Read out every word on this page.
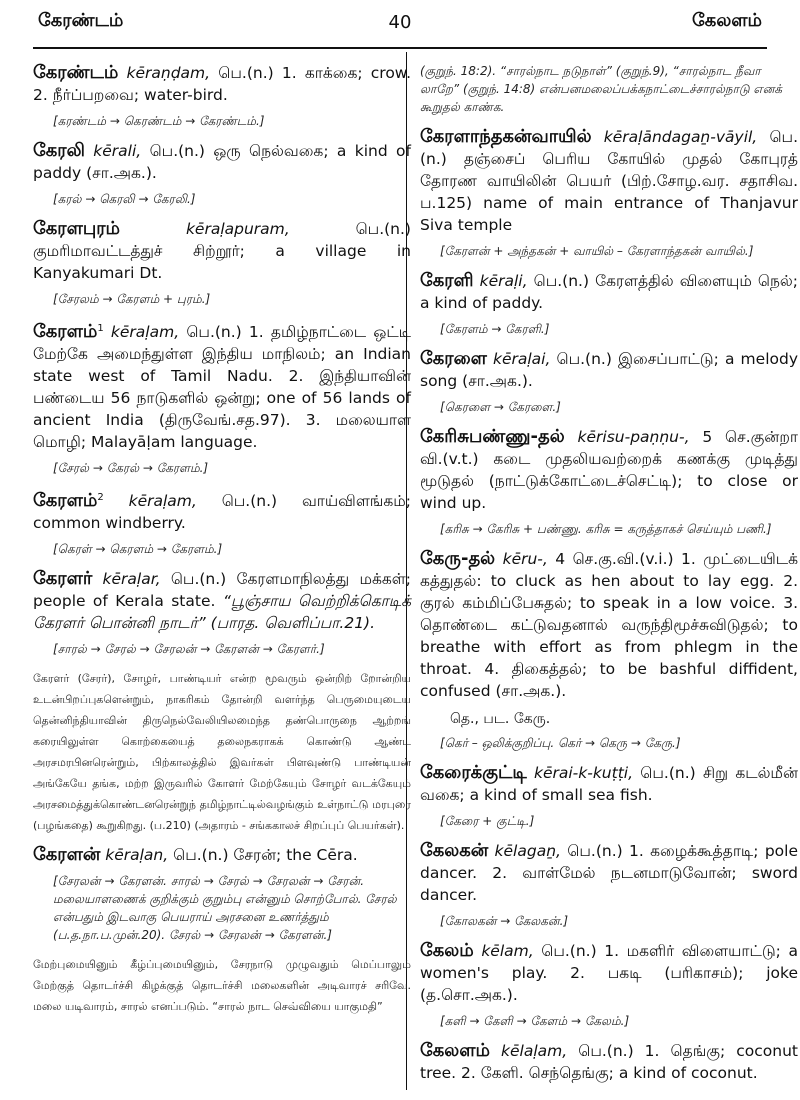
கேரண்டம்	40	கேலளம்
கேரண்டம் kēraṇḍam, பெ.(n.) 1. காக்கை; crow. 2. நீர்ப்பறவை; water-bird.
[கரண்டம் → கெரண்டம் → கேரண்டம்.]
கேரலி kērali, பெ.(n.) ஒரு நெல்வகை; a kind of paddy (சா.அக.).
[கரல் → கெரலி → கேரலி.]
கேரளபுரம்	kēraḷapuram,	பெ.(n.) குமரிமாவட்டத்துச் சிற்றூர்; a village in Kanyakumari Dt.
[சேரலம் → கேரளம் + புரம்.]
கேரளம்$^1$ kēraḷam, பெ.(n.) 1. தமிழ்நாட்டை ஒட்டி மேற்கே அமைந்துள்ள இந்திய மாநிலம்; an Indian state west of Tamil Nadu. 2. இந்தியாவின் பண்டைய 56 நாடுகளில் ஒன்று; one of 56 lands of ancient India (திருவேங்.சத.97). 3. மலையாள மொழி; Malayāḷam language.
[சேரல் → கேரல் → கேரளம்.]
கேரளம்$^2$ kēraḷam, பெ.(n.) வாய்விளங்கம்; common windberry.
[கெரள் → கெரளம் → கேரளம்.]
கேரளர் kēraḷar, பெ.(n.) கேரளமாநிலத்து மக்கள்; people of Kerala state. “பூஞ்சாய வெற்றிக்கொடிக் கேரளர் பொன்னி நாடர்” (பாரத. வெளிப்பா.21).
[சாரல் → சேரல் → சேரலன் → கேரளன் → கேரளர்.]
கேரளர் (சேரர்), சோழர், பாண்டியர் என்ற மூவரும் ஒன்றிற் றோன்றிய உடன்பிறப்புகளென்றும், நாகரிகம் தோன்றி வளர்ந்த பெருமையுடைய தென்னிந்தியாவின் திருநெல்வேலியிலமைந்த தண்பொருநை ஆற்றங் கரையிலுள்ள கொற்கையைத் தலைநகராகக் கொண்டு ஆண்ட அரசமரபினரென்றும், பிற்காலத்தில் இவர்கள் பிளவுண்டு பாண்டியன் அங்கேயே தங்க, மற்ற இருவரில் கோளர் மேற்கேயும் சோழர் வடக்கேயும் அரசமைத்துக்கொண்டனரென்றுந் தமிழ்நாட்டில்வழங்கும் உள்நாட்டு மரபுரை (பழங்கதை) கூறுகிறது. (ப.210) (அதாரம் - சங்ககாலச் சிறப்புப் பெயர்கள்).
கேரளன் kēraḷan, பெ.(n.) சேரன்; the Cēra.
[சேரலன் → கேரளன். சாரல் → சேரல் → சேரலன் → சேரன். மலையாளணைக் குறிக்கும் குறும்பு என்னும் சொற்போல். சேரல் என்பதும் இடவாகு பெயராய் அரசனை உணர்த்தும் (ப.த.நா.ப.முன்.20). சேரல் → சேரலன் → கேரளன்.]
மேற்புமையினும் கீழ்ப்புமையினும், சேரநாடு முழுவதும் மெப்பாலும் மேற்குத் தொடர்ச்சி கிழக்குத் தொடர்ச்சி மலைகளின் அடிவாரச் சரிவே. மலை யடிவாரம், சாரல் எனப்படும். “சாரல் நாட செவ்வியை யாகுமதி”
(குறுந். 18:2). “சாரல்நாட நடுநாள்” (குறுந்.9), “சாரல்நாட நீவா லாறே” (குறுந். 14:8) என்பனமலைப்பக்கநாட்டைச்சாரல்நாடு எனக் கூறுதல் காண்க.
கேரளாந்தகன்வாயில் kēraḷāndagaṉ-vāyil, பெ.(n.) தஞ்சைப் பெரிய கோயில் முதல் கோபுரத் தோரண வாயிலின் பெயர் (பிற்.சோழ.வர. சதாசிவ. ப.125) name of main entrance of Thanjavur Siva temple
[கேரளன் + அந்தகன் + வாயில் – கேரளாந்தகன் வாயில்.]
கேரளி kēraḷi, பெ.(n.) கேரளத்தில் விளையும் நெல்; a kind of paddy.
[கேரளம் → கேரளி.]
கேரளை kēraḷai, பெ.(n.) இசைப்பாட்டு; a melody song (சா.அக.).
[கெரளை → கேரளை.]
கேரிசுபண்ணு-தல் kērisu-paṇṇu-, 5 செ.குன்றா வி.(v.t.) கடை முதலியவற்றைக் கணக்கு முடித்து மூடுதல் (நாட்டுக்கோட்டைச்செட்டி); to close or wind up.
[கரிசு → கேரிசு + பண்ணு. கரிசு = கருத்தாகச் செய்யும் பணி.]
கேரு-தல் kēru-, 4 செ.கு.வி.(v.i.) 1. முட்டையிடக் கத்துதல்: to cluck as hen about to lay egg. 2. குரல் கம்மிப்பேசுதல்; to speak in a low voice. 3. தொண்டை கட்டுவதனால் வருந்திமூச்சுவிடுதல்; to breathe with effort as from phlegm in the throat. 4. திகைத்தல்; to be bashful diffident, confused (சா.அக.).
தெ., பட. கேரு.
[கெர் – ஒலிக்குறிப்பு. கெர் → கெரு → கேரு.]
கேரைக்குட்டி kērai-k-kuṭṭi, பெ.(n.) சிறு கடல்மீன் வகை; a kind of small sea fish.
[கேரை + குட்டி.]
கேலகன் kēlagaṉ, பெ.(n.) 1. கழைக்கூத்தாடி; pole dancer. 2. வாள்மேல் நடனமாடுவோன்; sword dancer.
[கோலகன் → கேலகன்.]
கேலம் kēlam, பெ.(n.) 1. மகளிர் விளையாட்டு; a women's play. 2. பகடி (பரிகாசம்); joke (த.சொ.அக.).
[களி → கேளி → கேளம் → கேலம்.]
கேலளம் kēlaḷam, பெ.(n.) 1. தெங்கு; coconut tree. 2. கேளி. செந்தெங்கு; a kind of coconut.
